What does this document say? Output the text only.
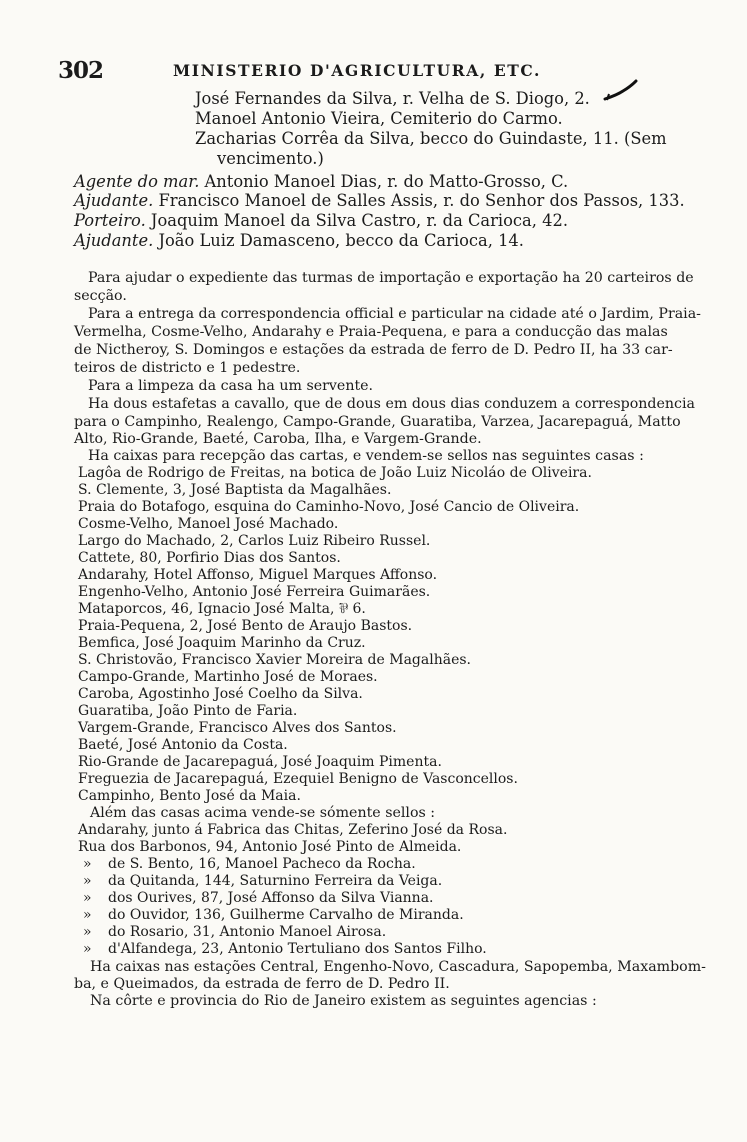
302	MINISTERIO D'AGRICULTURA, ETC.
José Fernandes da Silva, r. Velha de S. Diogo, 2.
Manoel Antonio Vieira, Cemiterio do Carmo.
Zacharias Corrêa da Silva, becco do Guindaste, 11. (Sem
vencimento.)
Agente do mar. Antonio Manoel Dias, r. do Matto-Grosso, C.
Ajudante. Francisco Manoel de Salles Assis, r. do Senhor dos Passos, 133.
Porteiro. Joaquim Manoel da Silva Castro, r. da Carioca, 42.
Ajudante. João Luiz Damasceno, becco da Carioca, 14.
Para ajudar o expediente das turmas de importação e exportação ha 20 carteiros de
secção.
Para a entrega da correspondencia official e particular na cidade até o Jardim, Praia-
Vermelha, Cosme-Velho, Andarahy e Praia-Pequena, e para a conducção das malas
de Nictheroy, S. Domingos e estações da estrada de ferro de D. Pedro II, ha 33 car-
teiros de districto e 1 pedestre.
Para a limpeza da casa ha um servente.
Ha dous estafetas a cavallo, que de dous em dous dias conduzem a correspondencia
para o Campinho, Realengo, Campo-Grande, Guaratiba, Varzea, Jacarepaguá, Matto
Alto, Rio-Grande, Baeté, Caroba, Ilha, e Vargem-Grande.
Ha caixas para recepção das cartas, e vendem-se sellos nas seguintes casas :
Lagôa de Rodrigo de Freitas, na botica de João Luiz Nicoláo de Oliveira.
S. Clemente, 3, José Baptista da Magalhães.
Praia do Botafogo, esquina do Caminho-Novo, José Cancio de Oliveira.
Cosme-Velho, Manoel José Machado.
Largo do Machado, 2, Carlos Luiz Ribeiro Russel.
Cattete, 80, Porfirio Dias dos Santos.
Andarahy, Hotel Affonso, Miguel Marques Affonso.
Engenho-Velho, Antonio José Ferreira Guimarães.
Mataporcos, 46, Ignacio José Malta, ⅌ 6.
Praia-Pequena, 2, José Bento de Araujo Bastos.
Bemfica, José Joaquim Marinho da Cruz.
S. Christovão, Francisco Xavier Moreira de Magalhães.
Campo-Grande, Martinho José de Moraes.
Caroba, Agostinho José Coelho da Silva.
Guaratiba, João Pinto de Faria.
Vargem-Grande, Francisco Alves dos Santos.
Baeté, José Antonio da Costa.
Rio-Grande de Jacarepaguá, José Joaquim Pimenta.
Freguezia de Jacarepaguá, Ezequiel Benigno de Vasconcellos.
Campinho, Bento José da Maia.
Além das casas acima vende-se sómente sellos :
Andarahy, junto á Fabrica das Chitas, Zeferino José da Rosa.
Rua dos Barbonos, 94, Antonio José Pinto de Almeida.
» de S. Bento, 16, Manoel Pacheco da Rocha.
» da Quitanda, 144, Saturnino Ferreira da Veiga.
» dos Ourives, 87, José Affonso da Silva Vianna.
» do Ouvidor, 136, Guilherme Carvalho de Miranda.
» do Rosario, 31, Antonio Manoel Airosa.
» d'Alfandega, 23, Antonio Tertuliano dos Santos Filho.
Ha caixas nas estações Central, Engenho-Novo, Cascadura, Sapopemba, Maxambom-
ba, e Queimados, da estrada de ferro de D. Pedro II.
Na côrte e provincia do Rio de Janeiro existem as seguintes agencias :
